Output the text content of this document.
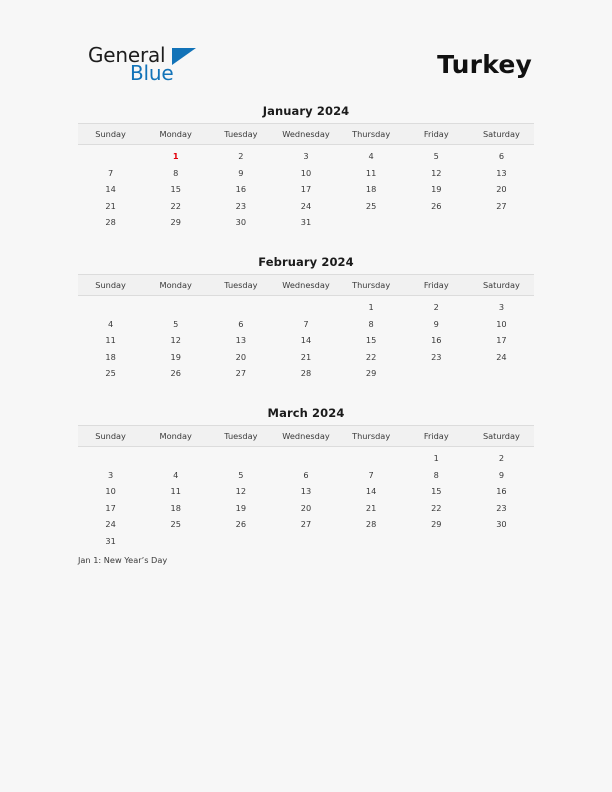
General
Blue	Turkey
January 2024
Sunday	Monday	Tuesday	Wednesday	Thursday	Friday	Saturday
	1	2	3	4	5	6
7	8	9	10	11	12	13
14	15	16	17	18	19	20
21	22	23	24	25	26	27
28	29	30	31			
February 2024
Sunday	Monday	Tuesday	Wednesday	Thursday	Friday	Saturday
				1	2	3
4	5	6	7	8	9	10
11	12	13	14	15	16	17
18	19	20	21	22	23	24
25	26	27	28	29		
March 2024
Sunday	Monday	Tuesday	Wednesday	Thursday	Friday	Saturday
					1	2
3	4	5	6	7	8	9
10	11	12	13	14	15	16
17	18	19	20	21	22	23
24	25	26	27	28	29	30
31						
Jan 1: New Year’s Day
